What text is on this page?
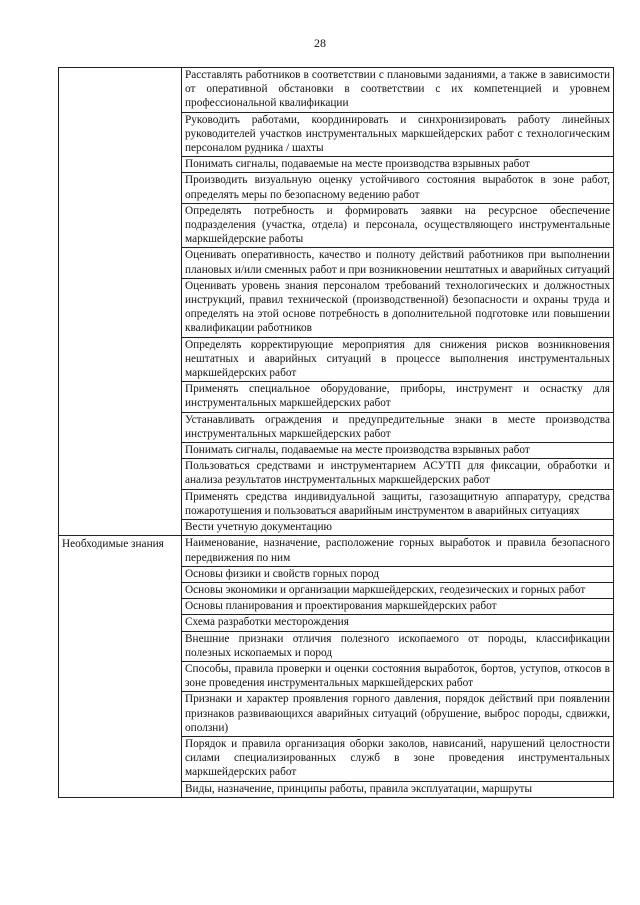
28
	Расставлять работников в соответствии с плановыми заданиями, а также в зависимости от оперативной обстановки в соответствии с их компетенцией и уровнем профессиональной квалификации
	Руководить работами, координировать и синхронизировать работу линейных руководителей участков инструментальных маркшейдерских работ с технологическим персоналом рудника / шахты
	Понимать сигналы, подаваемые на месте производства взрывных работ
	Производить визуальную оценку устойчивого состояния выработок в зоне работ, определять меры по безопасному ведению работ
	Определять потребность и формировать заявки на ресурсное обеспечение подразделения (участка, отдела) и персонала, осуществляющего инструментальные маркшейдерские работы
	Оценивать оперативность, качество и полноту действий работников при выполнении плановых и/или сменных работ и при возникновении нештатных и аварийных ситуаций
	Оценивать уровень знания персоналом требований технологических и должностных инструкций, правил технической (производственной) безопасности и охраны труда и определять на этой основе потребность в дополнительной подготовке или повышении квалификации работников
	Определять корректирующие мероприятия для снижения рисков возникновения нештатных и аварийных ситуаций в процессе выполнения инструментальных маркшейдерских работ
	Применять специальное оборудование, приборы, инструмент и оснастку для инструментальных маркшейдерских работ
	Устанавливать ограждения и предупредительные знаки в месте производства инструментальных маркшейдерских работ
	Понимать сигналы, подаваемые на месте производства взрывных работ
	Пользоваться средствами и инструментарием АСУТП для фиксации, обработки и анализа результатов инструментальных маркшейдерских работ
	Применять средства индивидуальной защиты, газозащитную аппаратуру, средства пожаротушения и пользоваться аварийным инструментом в аварийных ситуациях
	Вести учетную документацию

Необходимые знания	Наименование, назначение, расположение горных выработок и правила безопасного передвижения по ним
	Основы физики и свойств горных пород
	Основы экономики и организации маркшейдерских, геодезических и горных работ
	Основы планирования и проектирования маркшейдерских работ
	Схема разработки месторождения
	Внешние признаки отличия полезного ископаемого от породы, классификации полезных ископаемых и пород
	Способы, правила проверки и оценки состояния выработок, бортов, уступов, откосов в зоне проведения инструментальных маркшейдерских работ
	Признаки и характер проявления горного давления, порядок действий при появлении признаков развивающихся аварийных ситуаций (обрушение, выброс породы, сдвижки, оползни)
	Порядок и правила организация оборки заколов, нависаний, нарушений целостности силами специализированных служб в зоне проведения инструментальных маркшейдерских работ
	Виды, назначение, принципы работы, правила эксплуатации, маршруты
